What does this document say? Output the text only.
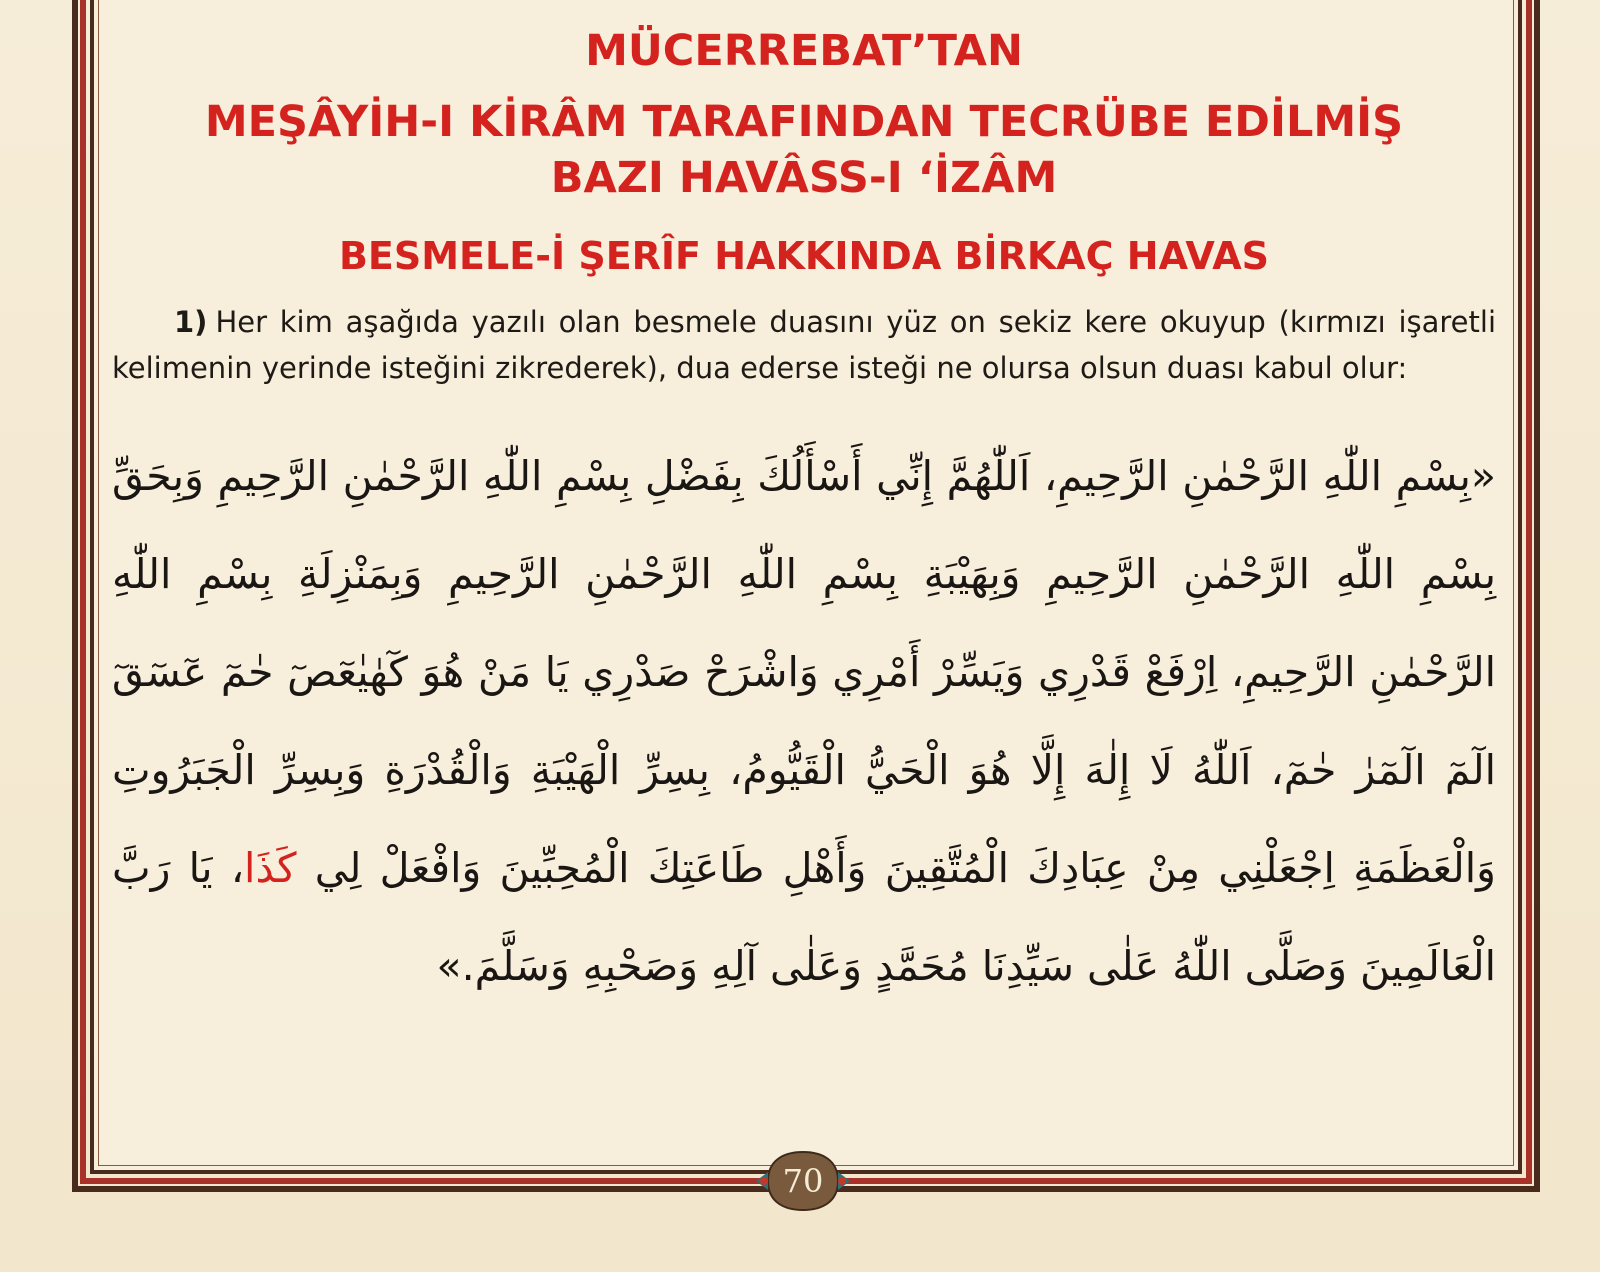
MÜCERREBAT’TAN
MEŞÂYİH-I KİRÂM TARAFINDAN TECRÜBE EDİLMİŞ
BAZI HAVÂSS-I ‘İZÂM
BESMELE-İ ŞERÎF HAKKINDA BİRKAÇ HAVAS

1) Her kim aşağıda yazılı olan besmele duasını yüz on sekiz kere okuyup (kırmızı işaretli kelimenin yerinde isteğini zikrederek), dua ederse isteği ne olursa olsun duası kabul olur:

«بِسْمِ اللّٰهِ الرَّحْمٰنِ الرَّحِيمِ، اَللّٰهُمَّ إِنِّي أَسْأَلُكَ بِفَضْلِ بِسْمِ اللّٰهِ الرَّحْمٰنِ الرَّحِيمِ وَبِحَقِّ بِسْمِ اللّٰهِ الرَّحْمٰنِ الرَّحِيمِ وَبِهَيْبَةِ بِسْمِ اللّٰهِ الرَّحْمٰنِ الرَّحِيمِ وَبِمَنْزِلَةِ بِسْمِ اللّٰهِ الرَّحْمٰنِ الرَّحِيمِ، اِرْفَعْ قَدْرِي وَيَسِّرْ أَمْرِي وَاشْرَحْ صَدْرِي يَا مَنْ هُوَ كٓهٰيٰعٓصٓ حٰمٓ عٓسٓقٓ الٓمٓ الٓمٓرٰ حٰمٓ، اَللّٰهُ لَا إِلٰهَ إِلَّا هُوَ الْحَيُّ الْقَيُّومُ، بِسِرِّ الْهَيْبَةِ وَالْقُدْرَةِ وَبِسِرِّ الْجَبَرُوتِ وَالْعَظَمَةِ اِجْعَلْنِي مِنْ عِبَادِكَ الْمُتَّقِينَ وَأَهْلِ طَاعَتِكَ الْمُحِبِّينَ وَافْعَلْ لِي كَذَا، يَا رَبَّ الْعَالَمِينَ وَصَلَّى اللّٰهُ عَلٰى سَيِّدِنَا مُحَمَّدٍ وَعَلٰى آلِهِ وَصَحْبِهِ وَسَلَّمَ.»

70
